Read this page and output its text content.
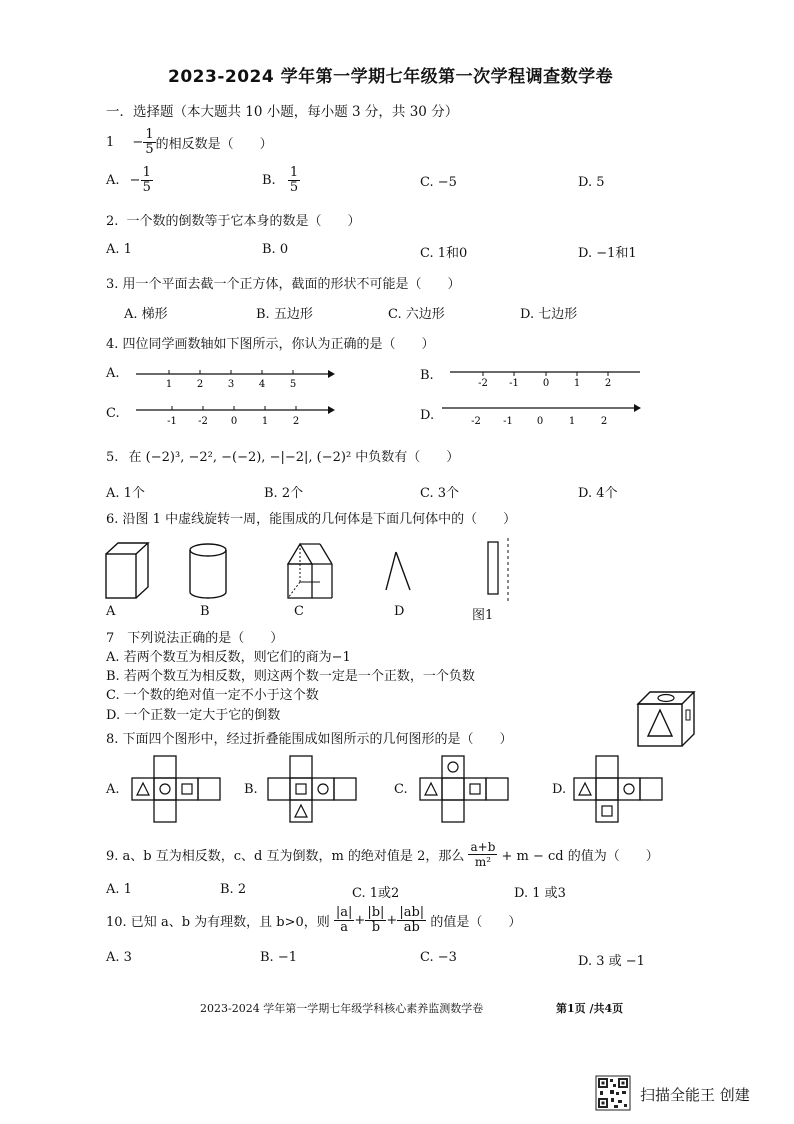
2023-2024 学年第一学期七年级第一次学程调查数学卷
一．选择题（本大题共 10 小题，每小题 3 分，共 30 分）
$1 - \frac{1}{5}$ 的相反数是（　　）
A. − $\frac{1}{5}$	B. $\frac{1}{5}$	C. −5	D. 5
2. 一个数的倒数等于它本身的数是（　　）
A. 1	B. 0	C. 1和0	D. −1和1
3. 用一个平面去截一个正方体，截面的形状不可能是（　　）
A. 梯形	B. 五边形	C. 六边形	D. 七边形
4. 四位同学画数轴如下图所示，你认为正确的是（　　）
A.
1 2 3 4 5
B.
-2 -1 0 1 2
C.
-1 -2 0 1 2	D.	-2 -1 0	1	2
5. 在 (−2)³, −2², −(−2), −|−2|, (−2)² 中负数有（　　）
A. 1个	B. 2个	C. 3个	D. 4个
6. 沿图 1 中虚线旋转一周，能围成的几何体是下面几何体中的（　　）
A	B	C	D	图1
7　下列说法正确的是（　　）
A. 若两个数互为相反数，则它们的商为−1
B. 若两个数互为相反数，则这两个数一定是一个正数，一个负数
C. 一个数的绝对值一定不小于这个数
D. 一个正数一定大于它的倒数
8. 下面四个图形中，经过折叠能围成如图所示的几何图形的是（　　）
A.	B.	C.	D.
9. a、b 互为相反数，c、d 互为倒数，m 的绝对值是 2，那么 $\frac{a+b}{\text{m²}} + m$ − cd 的值为（　　）
A. 1	B. 2	C. 1或2	D. 1 或3
10. 已知 a、b 为有理数，且 b>0，则 $\frac{|a|}{a} + \frac{|b|}{b} + \frac{|ab|}{ab}$ 的值是（　　）
A. 3	B. −1	C. −3	D. 3 或 −1
2023-2024 学年第一学期七年级学科核心素养监测数学卷	第1页 /共4页
扫描全能王 创建
